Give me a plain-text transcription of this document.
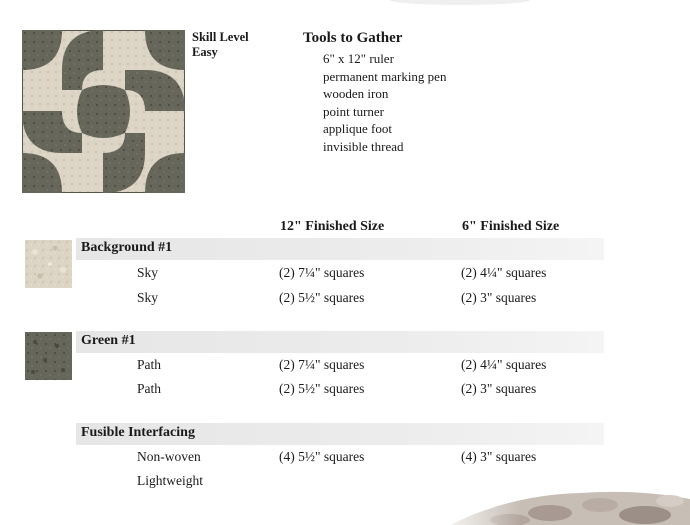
Skill Level
Easy
Tools to Gather
6" x 12" ruler
permanent marking pen
wooden iron
point turner
applique foot
invisible thread
12" Finished Size	6" Finished Size
Background #1
Sky	(2) 7¼" squares	(2) 4¼" squares
Sky	(2) 5½" squares	(2) 3" squares
Green #1
Path	(2) 7¼" squares	(2) 4¼" squares
Path	(2) 5½" squares	(2) 3" squares
Fusible Interfacing
Non-woven	(4) 5½" squares	(4) 3" squares
Lightweight
